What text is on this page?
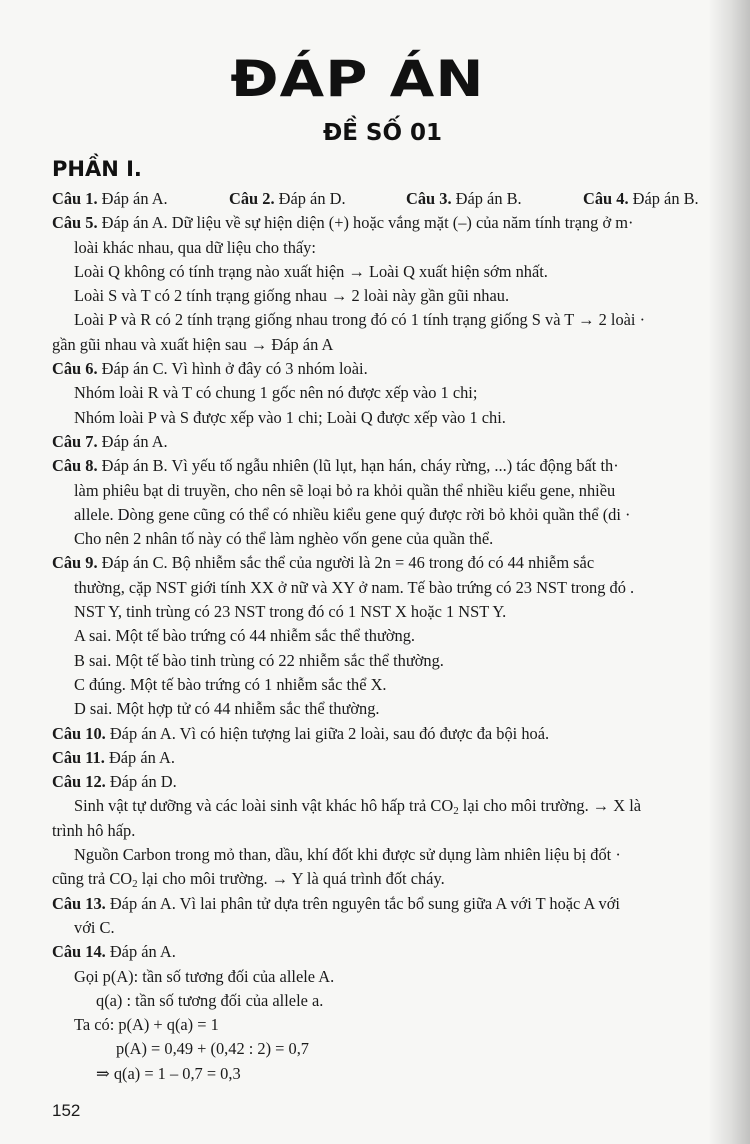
ĐÁP ÁN
ĐỀ SỐ 01
PHẦN I.
Câu 1. Đáp án A.	Câu 2. Đáp án D.	Câu 3. Đáp án B.	Câu 4. Đáp án B.
Câu 5. Đáp án A. Dữ liệu về sự hiện diện (+) hoặc vắng mặt (–) của năm tính trạng ở m·
loài khác nhau, qua dữ liệu cho thấy:
Loài Q không có tính trạng nào xuất hiện → Loài Q xuất hiện sớm nhất.
Loài S và T có 2 tính trạng giống nhau → 2 loài này gần gũi nhau.
Loài P và R có 2 tính trạng giống nhau trong đó có 1 tính trạng giống S và T → 2 loài ·
gần gũi nhau và xuất hiện sau → Đáp án A
Câu 6. Đáp án C. Vì hình ở đây có 3 nhóm loài.
Nhóm loài R và T có chung 1 gốc nên nó được xếp vào 1 chi;
Nhóm loài P và S được xếp vào 1 chi; Loài Q được xếp vào 1 chi.
Câu 7. Đáp án A.
Câu 8. Đáp án B. Vì yếu tố ngẫu nhiên (lũ lụt, hạn hán, cháy rừng, ...) tác động bất th·
làm phiêu bạt di truyền, cho nên sẽ loại bỏ ra khỏi quần thể nhiều kiểu gene, nhiều
allele. Dòng gene cũng có thể có nhiều kiểu gene quý được rời bỏ khỏi quần thể (di ·
Cho nên 2 nhân tố này có thể làm nghèo vốn gene của quần thể.
Câu 9. Đáp án C. Bộ nhiễm sắc thể của người là 2n = 46 trong đó có 44 nhiễm sắc
thường, cặp NST giới tính XX ở nữ và XY ở nam. Tế bào trứng có 23 NST trong đó .
NST Y, tinh trùng có 23 NST trong đó có 1 NST X hoặc 1 NST Y.
A sai. Một tế bào trứng có 44 nhiễm sắc thể thường.
B sai. Một tế bào tinh trùng có 22 nhiễm sắc thể thường.
C đúng. Một tế bào trứng có 1 nhiễm sắc thể X.
D sai. Một hợp tử có 44 nhiễm sắc thể thường.
Câu 10. Đáp án A. Vì có hiện tượng lai giữa 2 loài, sau đó được đa bội hoá.
Câu 11. Đáp án A.
Câu 12. Đáp án D.
Sinh vật tự dưỡng và các loài sinh vật khác hô hấp trả $CO_2$ lại cho môi trường. → X là
trình hô hấp.
Nguồn Carbon trong mỏ than, dầu, khí đốt khi được sử dụng làm nhiên liệu bị đốt ·
cũng trả $CO_2$ lại cho môi trường. → Y là quá trình đốt cháy.
Câu 13. Đáp án A. Vì lai phân tử dựa trên nguyên tắc bổ sung giữa A với T hoặc A với
với C.
Câu 14. Đáp án A.
Gọi p(A): tần số tương đối của allele A.
q(a) : tần số tương đối của allele a.
Ta có: p(A) + q(a) = 1
p(A) = 0,49 + (0,42 : 2) = 0,7
⇒ q(a) = 1 – 0,7 = 0,3
152
